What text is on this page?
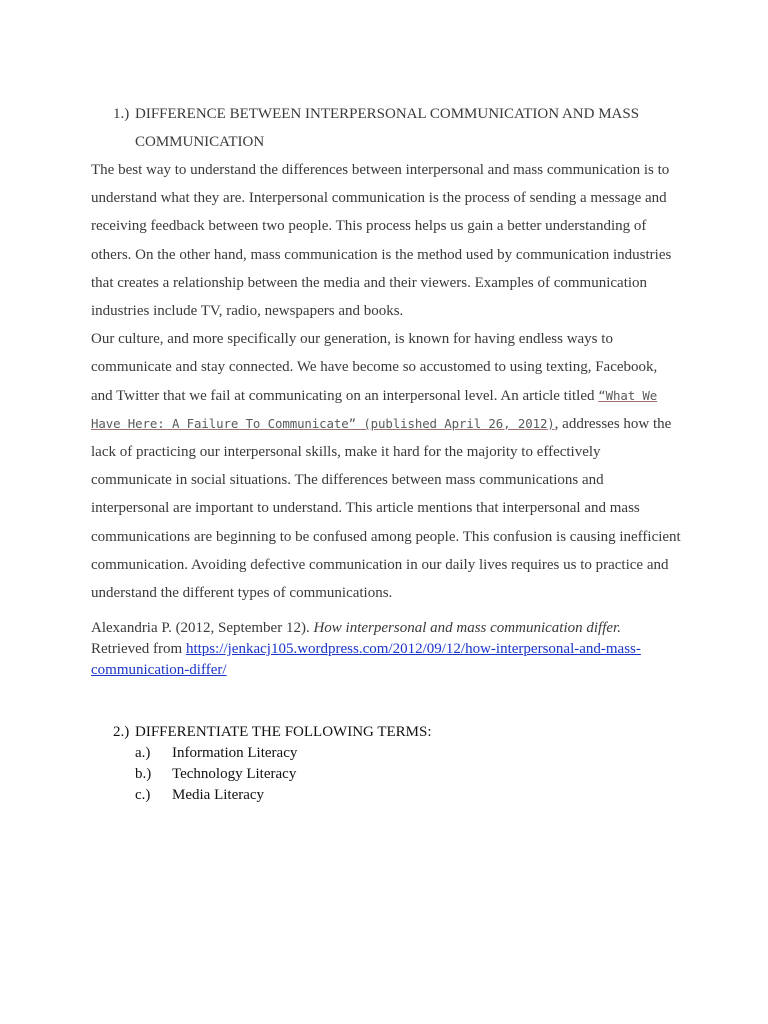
1.) DIFFERENCE BETWEEN INTERPERSONAL COMMUNICATION AND MASS
COMMUNICATION

The best way to understand the differences between interpersonal and mass communication is to understand what they are. Interpersonal communication is the process of sending a message and receiving feedback between two people. This process helps us gain a better understanding of others. On the other hand, mass communication is the method used by communication industries that creates a relationship between the media and their viewers. Examples of communication industries include TV, radio, newspapers and books.

Our culture, and more specifically our generation, is known for having endless ways to communicate and stay connected. We have become so accustomed to using texting, Facebook, and Twitter that we fail at communicating on an interpersonal level. An article titled “What We Have Here: A Failure To Communicate” (published April 26, 2012), addresses how the lack of practicing our interpersonal skills, make it hard for the majority to effectively communicate in social situations. The differences between mass communications and interpersonal are important to understand. This article mentions that interpersonal and mass communications are beginning to be confused among people. This confusion is causing inefficient communication. Avoiding defective communication in our daily lives requires us to practice and understand the different types of communications.

Alexandria P. (2012, September 12). How interpersonal and mass communication differ.
Retrieved from https://jenkacj105.wordpress.com/2012/09/12/how-interpersonal-and-mass-communication-differ/
2.) DIFFERENTIATE THE FOLLOWING TERMS:
a.) Information Literacy
b.) Technology Literacy
c.) Media Literacy
